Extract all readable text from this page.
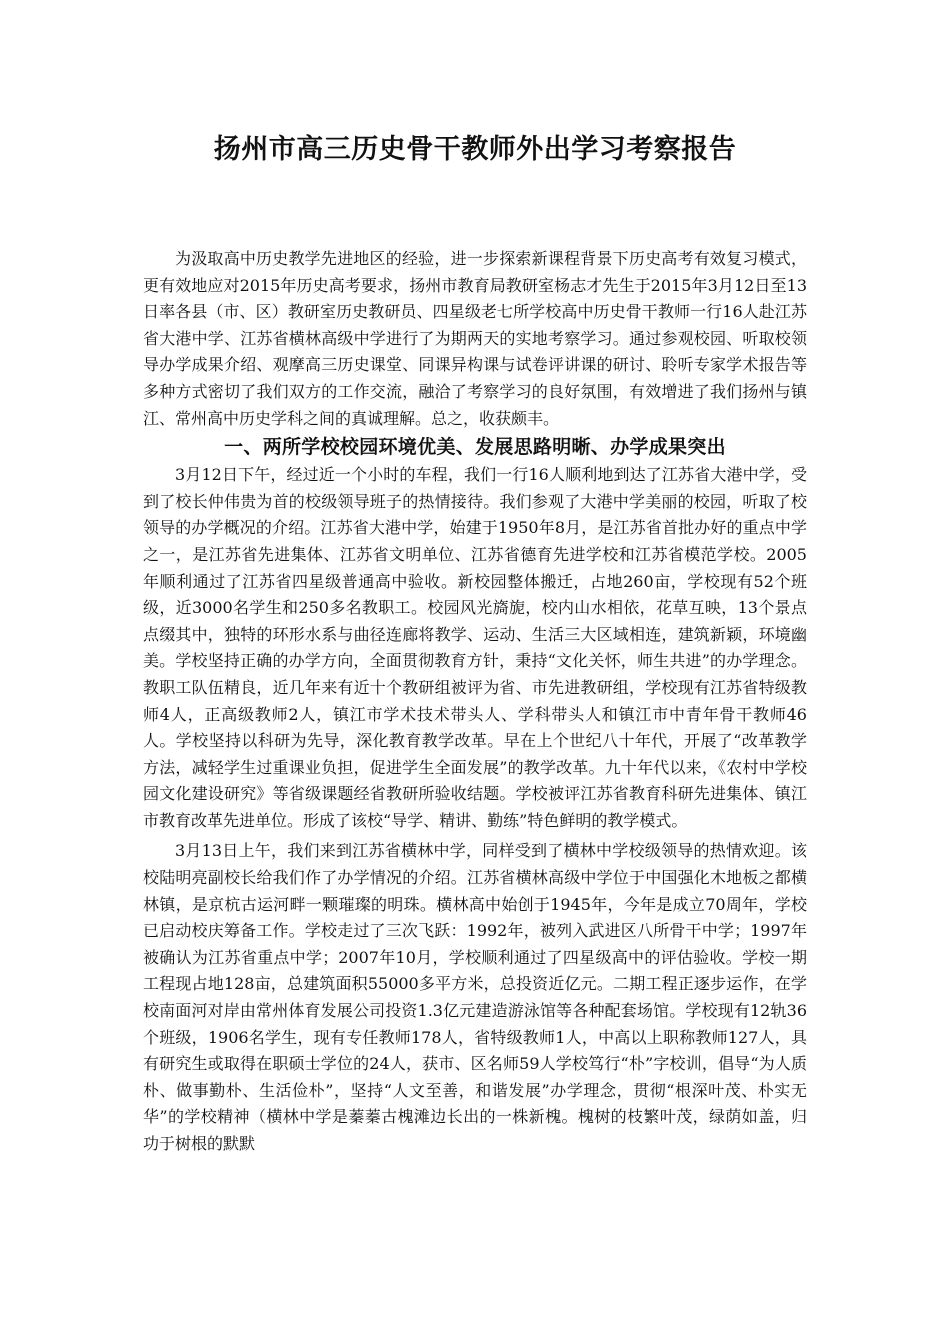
扬州市高三历史骨干教师外出学习考察报告

为汲取高中历史教学先进地区的经验，进一步探索新课程背景下历史高考有效复习模式，更有效地应对2015年历史高考要求，扬州市教育局教研室杨志才先生于2015年3月12日至13日率各县（市、区）教研室历史教研员、四星级老七所学校高中历史骨干教师一行16人赴江苏省大港中学、江苏省横林高级中学进行了为期两天的实地考察学习。通过参观校园、听取校领导办学成果介绍、观摩高三历史课堂、同课异构课与试卷评讲课的研讨、聆听专家学术报告等多种方式密切了我们双方的工作交流，融洽了考察学习的良好氛围，有效增进了我们扬州与镇江、常州高中历史学科之间的真诚理解。总之，收获颇丰。

一、两所学校校园环境优美、发展思路明晰、办学成果突出

3月12日下午，经过近一个小时的车程，我们一行16人顺利地到达了江苏省大港中学，受到了校长仲伟贵为首的校级领导班子的热情接待。我们参观了大港中学美丽的校园，听取了校领导的办学概况的介绍。江苏省大港中学，始建于1950年8月，是江苏省首批办好的重点中学之一，是江苏省先进集体、江苏省文明单位、江苏省德育先进学校和江苏省模范学校。2005年顺利通过了江苏省四星级普通高中验收。新校园整体搬迁，占地260亩，学校现有52个班级，近3000名学生和250多名教职工。校园风光旖旎，校内山水相依，花草互映，13个景点点缀其中，独特的环形水系与曲径连廊将教学、运动、生活三大区域相连，建筑新颖，环境幽美。学校坚持正确的办学方向，全面贯彻教育方针，秉持“文化关怀，师生共进”的办学理念。教职工队伍精良，近几年来有近十个教研组被评为省、市先进教研组，学校现有江苏省特级教师4人，正高级教师2人，镇江市学术技术带头人、学科带头人和镇江市中青年骨干教师46人。学校坚持以科研为先导，深化教育教学改革。早在上个世纪八十年代，开展了“改革教学方法，减轻学生过重课业负担，促进学生全面发展”的教学改革。九十年代以来，《农村中学校园文化建设研究》等省级课题经省教研所验收结题。学校被评江苏省教育科研先进集体、镇江市教育改革先进单位。形成了该校“导学、精讲、勤练”特色鲜明的教学模式。

3月13日上午，我们来到江苏省横林中学，同样受到了横林中学校级领导的热情欢迎。该校陆明亮副校长给我们作了办学情况的介绍。江苏省横林高级中学位于中国强化木地板之都横林镇，是京杭古运河畔一颗璀璨的明珠。横林高中始创于1945年，今年是成立70周年，学校已启动校庆筹备工作。学校走过了三次飞跃：1992年，被列入武进区八所骨干中学；1997年被确认为江苏省重点中学；2007年10月，学校顺利通过了四星级高中的评估验收。学校一期工程现占地128亩，总建筑面积55000多平方米，总投资近亿元。二期工程正逐步运作，在学校南面河对岸由常州体育发展公司投资1.3亿元建造游泳馆等各种配套场馆。学校现有12轨36个班级，1906名学生，现有专任教师178人，省特级教师1人，中高以上职称教师127人，具有研究生或取得在职硕士学位的24人，获市、区名师59人学校笃行“朴”字校训，倡导“为人质朴、做事勤朴、生活俭朴”，坚持“人文至善，和谐发展”办学理念，贯彻“根深叶茂、朴实无华”的学校精神（横林中学是蓁蓁古槐滩边长出的一株新槐。槐树的枝繁叶茂，绿荫如盖，归功于树根的默默
